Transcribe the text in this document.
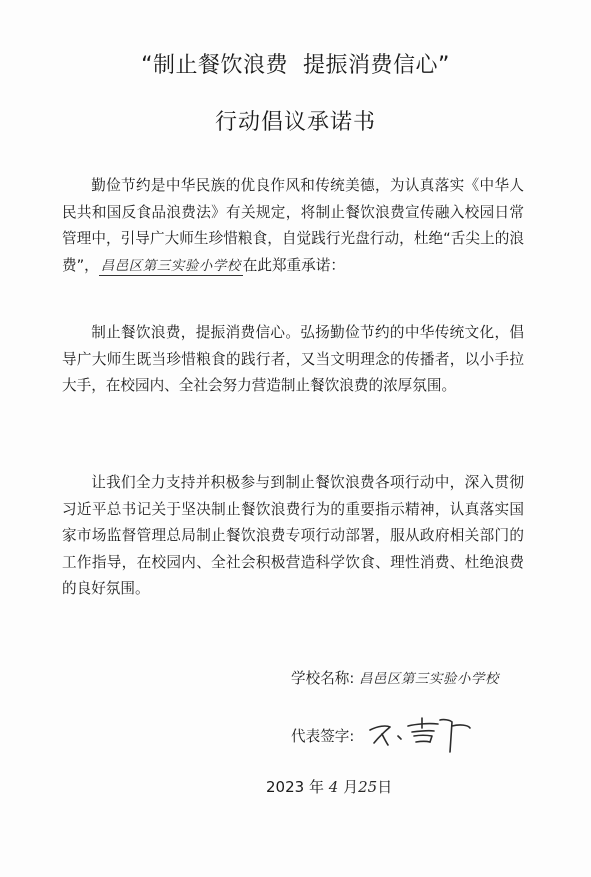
“制止餐饮浪费  提振消费信心”
行动倡议承诺书
勤俭节约是中华民族的优良作风和传统美德，为认真落实《中华人民共和国反食品浪费法》有关规定，将制止餐饮浪费宣传融入校园日常管理中，引导广大师生珍惜粮食，自觉践行光盘行动，杜绝“舌尖上的浪费”， 昌邑区第三实验小学校 在此郑重承诺：
制止餐饮浪费，提振消费信心。弘扬勤俭节约的中华传统文化，倡导广大师生既当珍惜粮食的践行者，又当文明理念的传播者，以小手拉大手，在校园内、全社会努力营造制止餐饮浪费的浓厚氛围。
让我们全力支持并积极参与到制止餐饮浪费各项行动中，深入贯彻习近平总书记关于坚决制止餐饮浪费行为的重要指示精神，认真落实国家市场监督管理总局制止餐饮浪费专项行动部署，服从政府相关部门的工作指导，在校园内、全社会积极营造科学饮食、理性消费、杜绝浪费的良好氛围。
学校名称: 昌邑区第三实验小学校
代表签字:
2023 年 4 月25日
